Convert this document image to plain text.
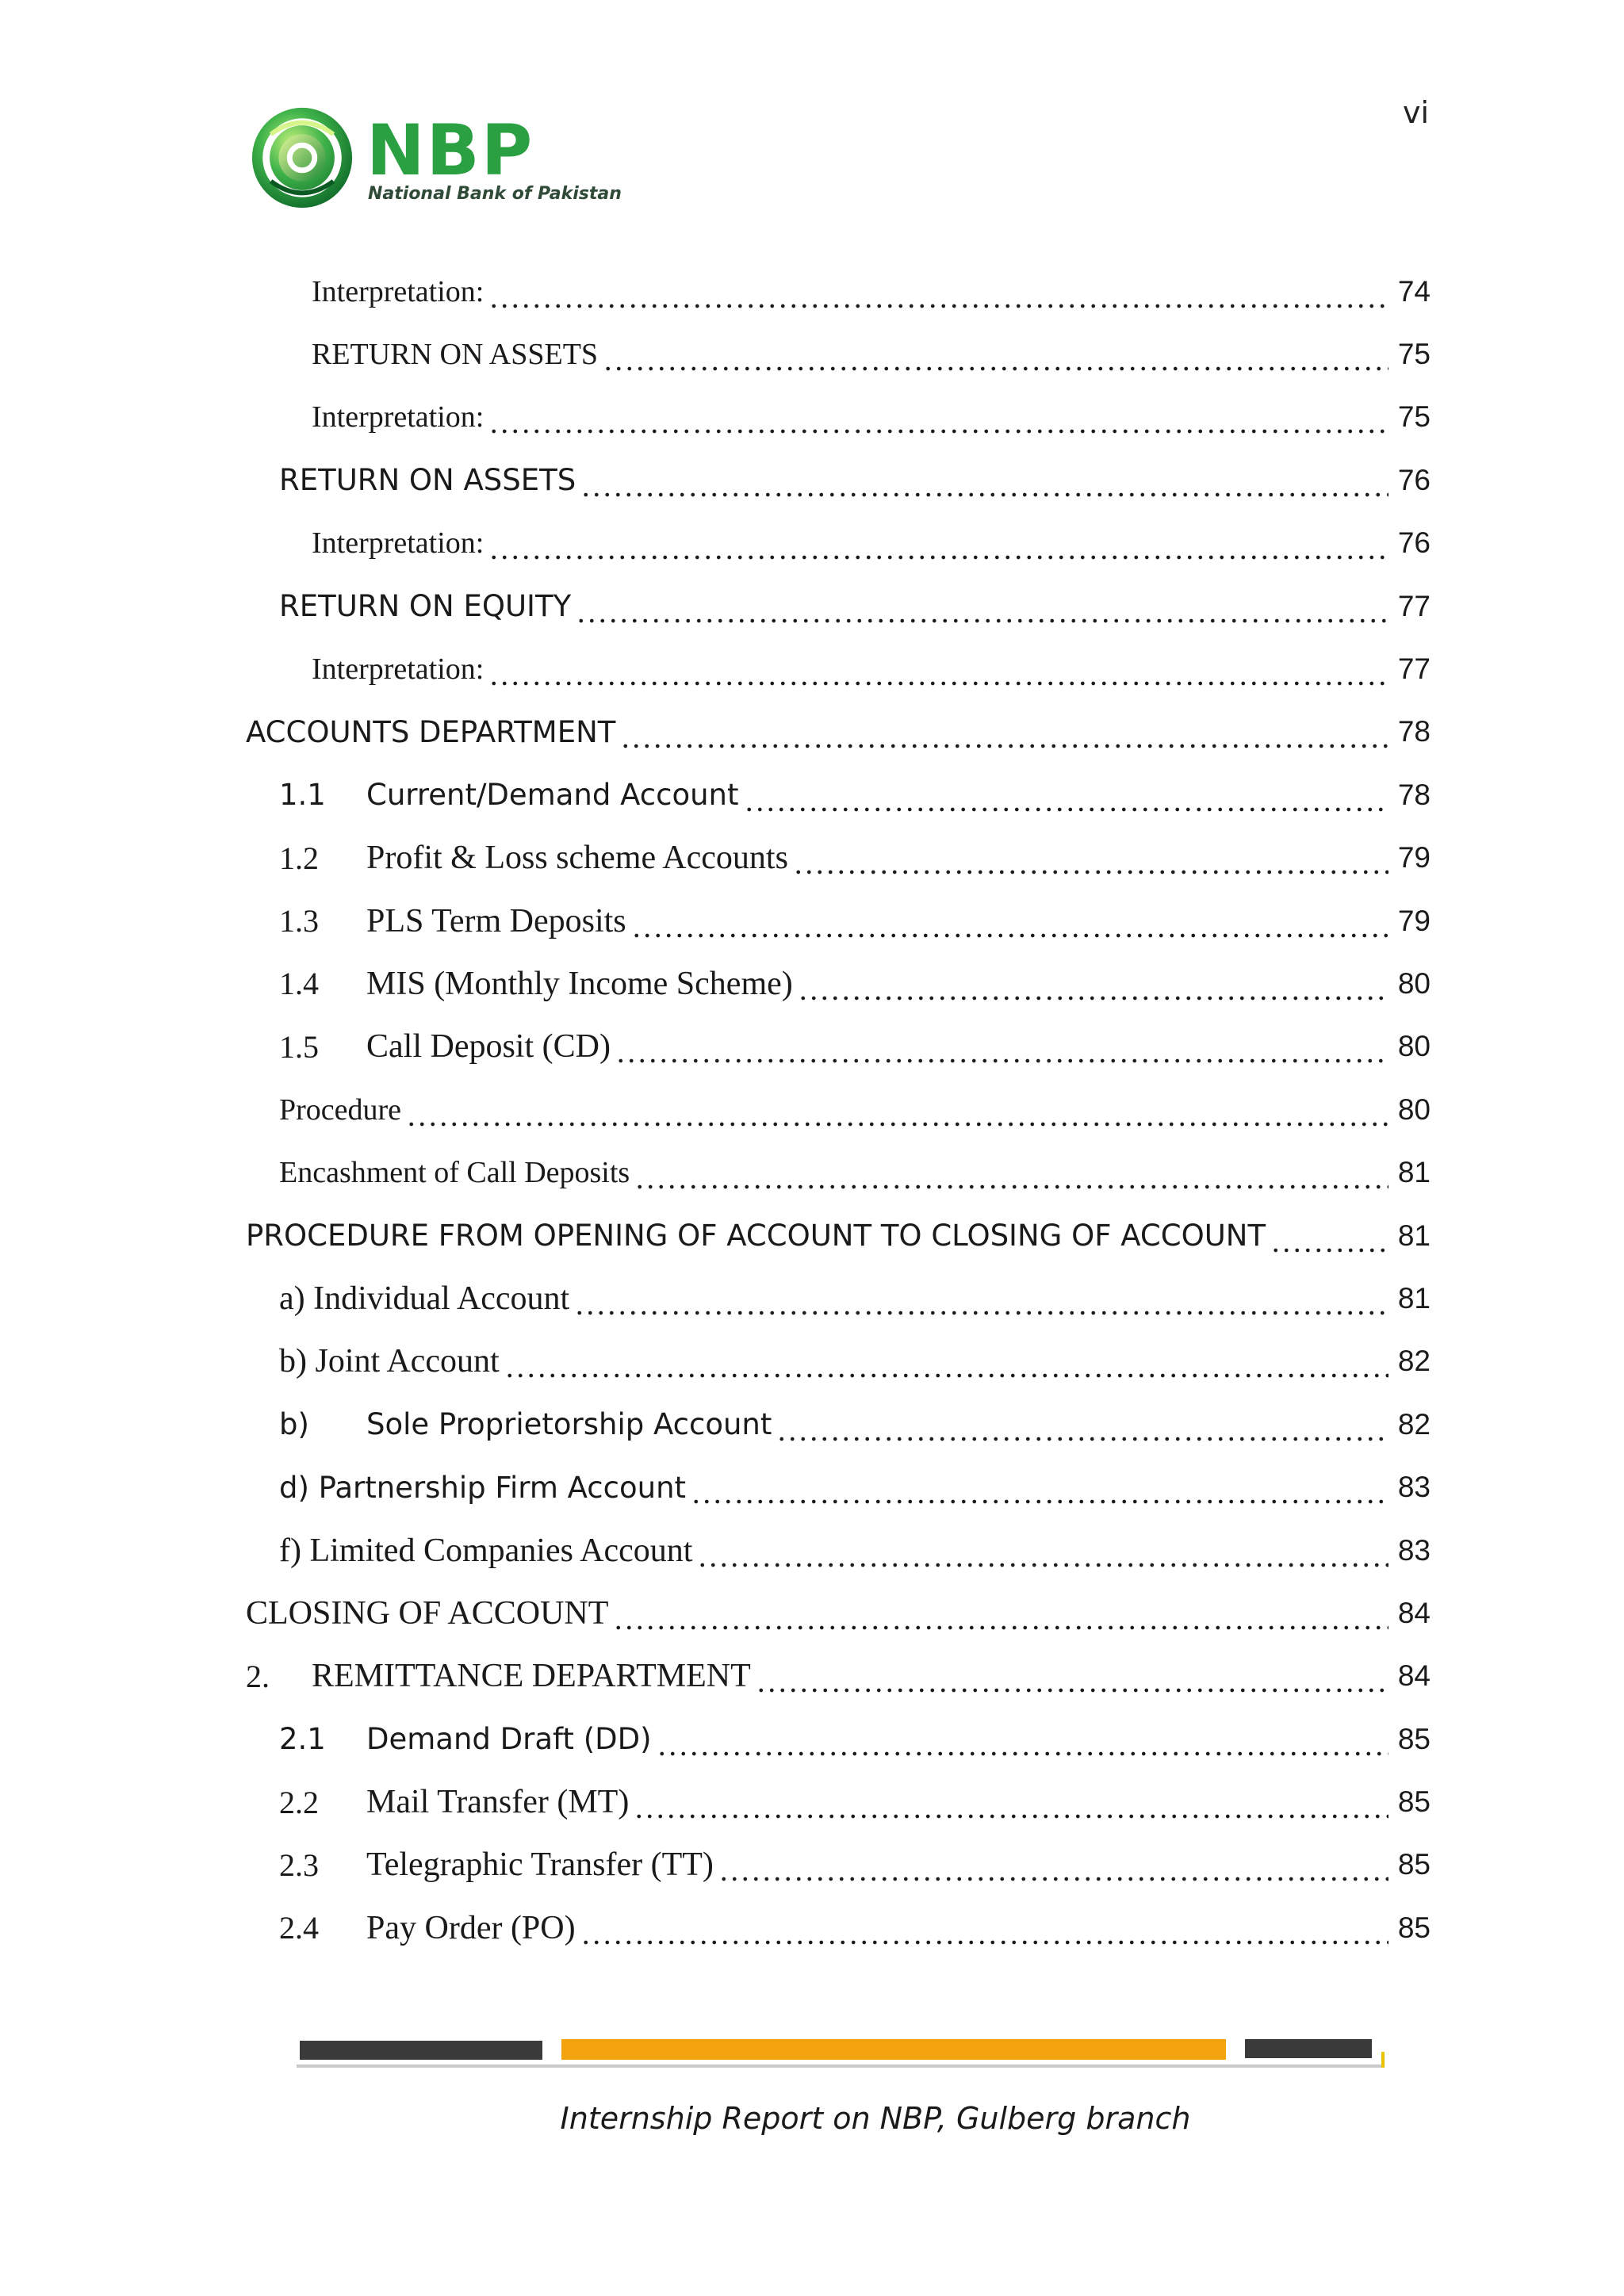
vi
NBP
National Bank of Pakistan
Interpretation:	74
RETURN ON ASSETS	75
Interpretation:	75
RETURN ON ASSETS	76
Interpretation:	76
RETURN ON EQUITY	77
Interpretation:	77
ACCOUNTS DEPARTMENT	78
1.1	Current/Demand Account	78
1.2	Profit & Loss scheme Accounts	79
1.3	PLS Term Deposits	79
1.4	MIS (Monthly Income Scheme)	80
1.5	Call Deposit (CD)	80
Procedure	80
Encashment of Call Deposits	81
PROCEDURE FROM OPENING OF ACCOUNT TO CLOSING OF ACCOUNT	81
a) Individual Account	81
b) Joint Account	82
b)	Sole Proprietorship Account	82
d) Partnership Firm Account	83
f) Limited Companies Account	83
CLOSING OF ACCOUNT	84
2.	REMITTANCE DEPARTMENT	84
2.1	Demand Draft (DD)	85
2.2	Mail Transfer (MT)	85
2.3	Telegraphic Transfer (TT)	85
2.4	Pay Order (PO)	85
Internship Report on NBP, Gulberg branch
